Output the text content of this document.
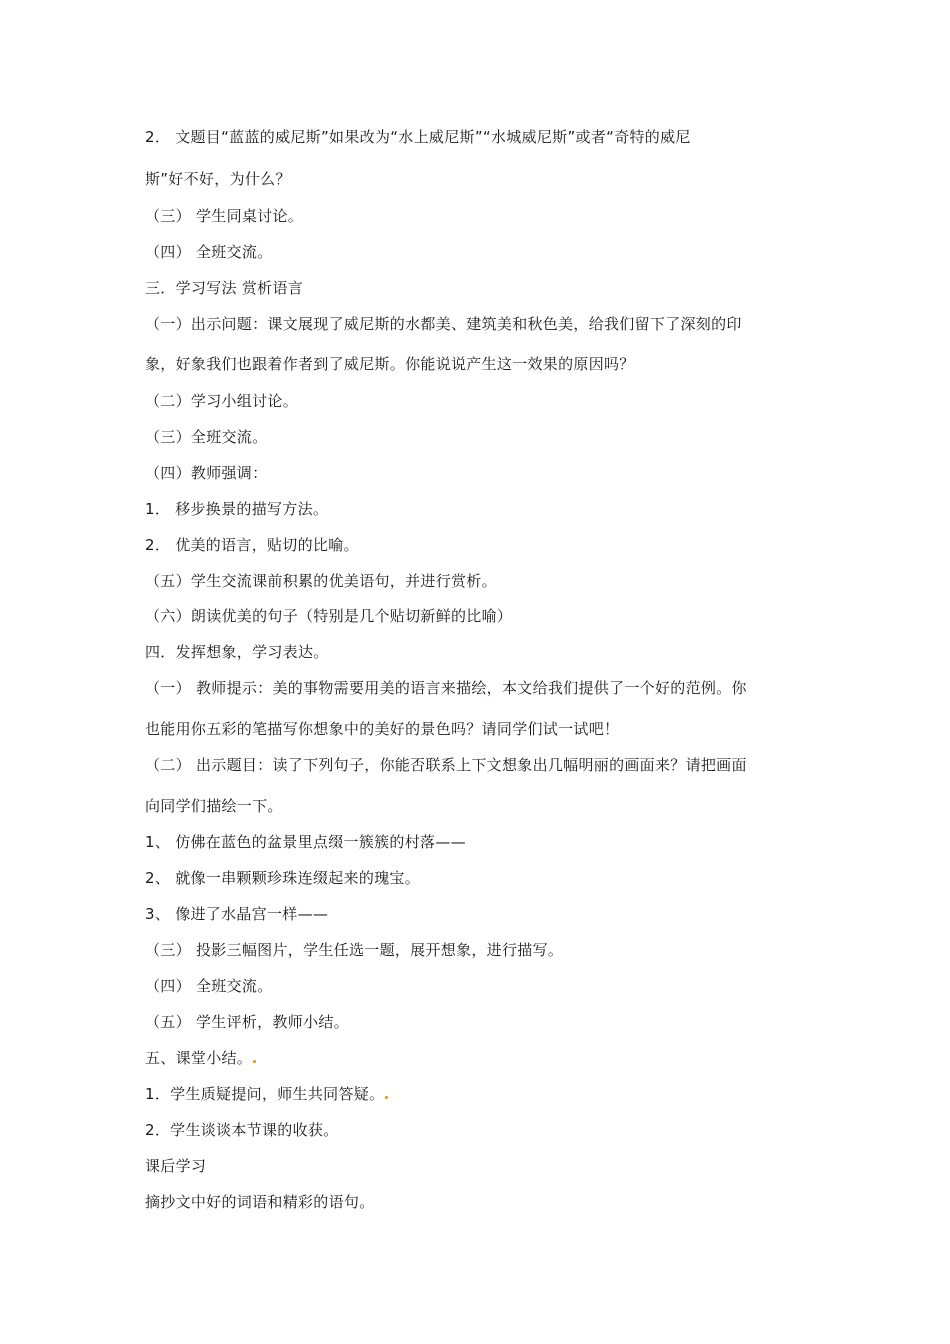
2． 文题目“蓝蓝的威尼斯”如果改为“水上威尼斯”“水城威尼斯”或者“奇特的威尼
斯”好不好，为什么？
（三） 学生同桌讨论。
（四） 全班交流。
三．学习写法 赏析语言
（一）出示问题：课文展现了威尼斯的水都美、建筑美和秋色美，给我们留下了深刻的印
象，好象我们也跟着作者到了威尼斯。你能说说产生这一效果的原因吗？
（二）学习小组讨论。
（三）全班交流。
（四）教师强调：
1． 移步换景的描写方法。
2． 优美的语言，贴切的比喻。
（五）学生交流课前积累的优美语句，并进行赏析。
（六）朗读优美的句子（特别是几个贴切新鲜的比喻）
四．发挥想象，学习表达。
（一） 教师提示：美的事物需要用美的语言来描绘，本文给我们提供了一个好的范例。你
也能用你五彩的笔描写你想象中的美好的景色吗？请同学们试一试吧！
（二） 出示题目：读了下列句子，你能否联系上下文想象出几幅明丽的画面来？请把画面
向同学们描绘一下。
1、 仿佛在蓝色的盆景里点缀一簇簇的村落——
2、 就像一串颗颗珍珠连缀起来的瑰宝。
3、 像进了水晶宫一样——
（三） 投影三幅图片，学生任选一题，展开想象，进行描写。
（四） 全班交流。
（五） 学生评析，教师小结。
五、课堂小结。
1．学生质疑提问，师生共同答疑。
2．学生谈谈本节课的收获。
课后学习
摘抄文中好的词语和精彩的语句。
